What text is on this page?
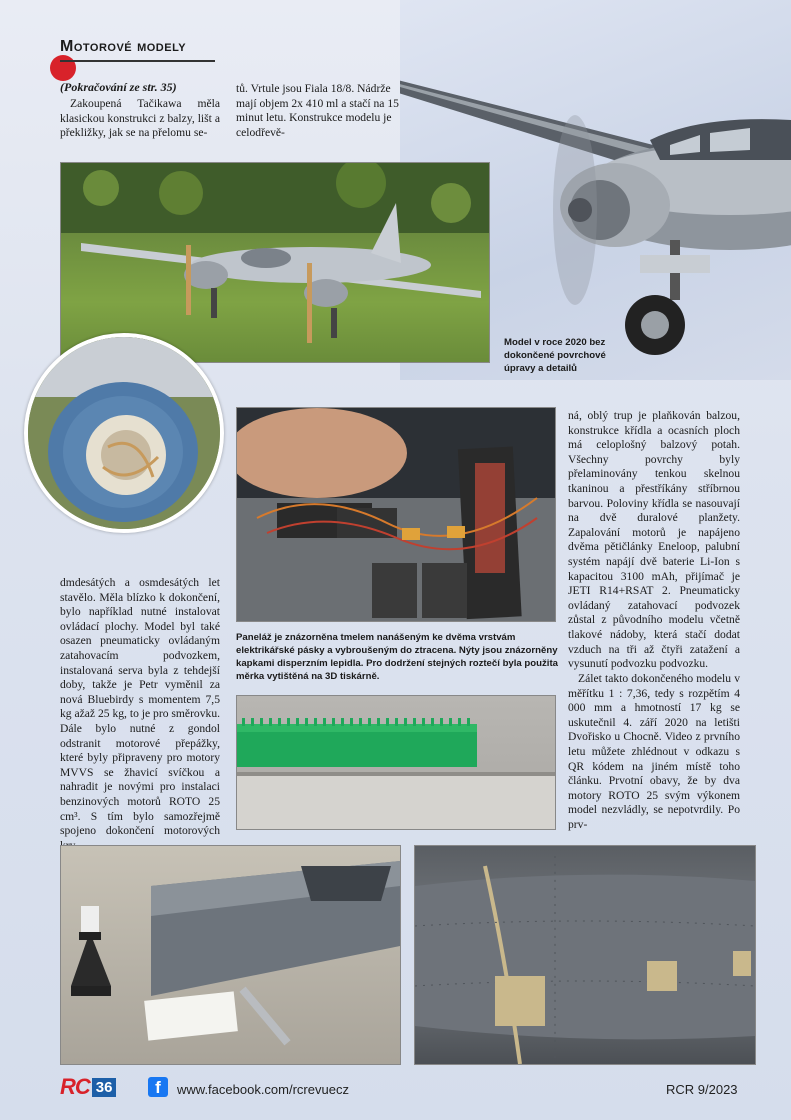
Motorové modely
(Pokračování ze str. 35)
Zakoupená Tačikawa měla klasickou konstrukci z balzy, lišt a překližky, jak se na přelomu se-
tů. Vrtule jsou Fiala 18/8. Nádrže mají objem 2x 410 ml a stačí na 15 minut letu. Konstrukce modelu je celodřevě-
Model v roce 2020 bez dokončené povrchové úpravy a detailů
Paneláž je znázorněna tmelem nanášeným ke dvěma vrstvám elektrikářské pásky a vybroušeným do ztracena. Nýty jsou znázorněny kapkami disperzním lepidla. Pro dodržení stejných roztečí byla použita měrka vytištěná na 3D tiskárně.
dmdesátých a osmdesátých let stavělo. Měla blízko k dokončení, bylo například nutné instalovat ovládací plochy. Model byl také osazen pneumaticky ovládaným zatahovacím podvozkem, instalovaná serva byla z tehdejší doby, takže je Petr vyměnil za nová Bluebirdy s momentem 7,5 kg ažaž 25 kg, to je pro směrovku. Dále bylo nutné z gondol odstranit motorové přepážky, které byly připraveny pro motory MVVS se žhavicí svíčkou a nahradit je novými pro instalaci benzinových motorů ROTO 25 cm³. S tím bylo samozřejmě spojeno dokončení motorových
ná, oblý trup je plaňkován balzou, konstrukce křídla a ocasních ploch má celoplošný balzový potah. Všechny povrchy byly přelaminovány tenkou skelnou tkaninou a přestříkány stříbrnou barvou. Poloviny křídla se nasouvají na dvě duralové planžety. Zapalování motorů je napájeno dvěma pětičlánky Eneloop, palubní systém napájí dvě baterie Li-Ion s kapacitou 3100 mAh, přijímač je JETI R14+RSAT 2. Pneumaticky ovládaný zatahovací podvozek zůstal z původního modelu včetně tlakové nádoby, která stačí dodat vzduch na tři až čtyři zatažení a vysunutí podvozku podvozku.
Zálet takto dokončeného modelu v měřítku 1 : 7,36, tedy s rozpětím 4 000 mm a hmotností 17 kg se uskutečnil 4. září 2020 na letišti Dvořisko u Chocně. Video z prvního letu můžete zhlédnout v odkazu s QR kódem na jiném místě toho článku. Prvotní obavy, že by dva motory ROTO 25 svým výkonem model nezvládly, se nepotvrdily. Po prv-
RC 36	f	www.facebook.com/rcrevuecz	RCR 9/2023
